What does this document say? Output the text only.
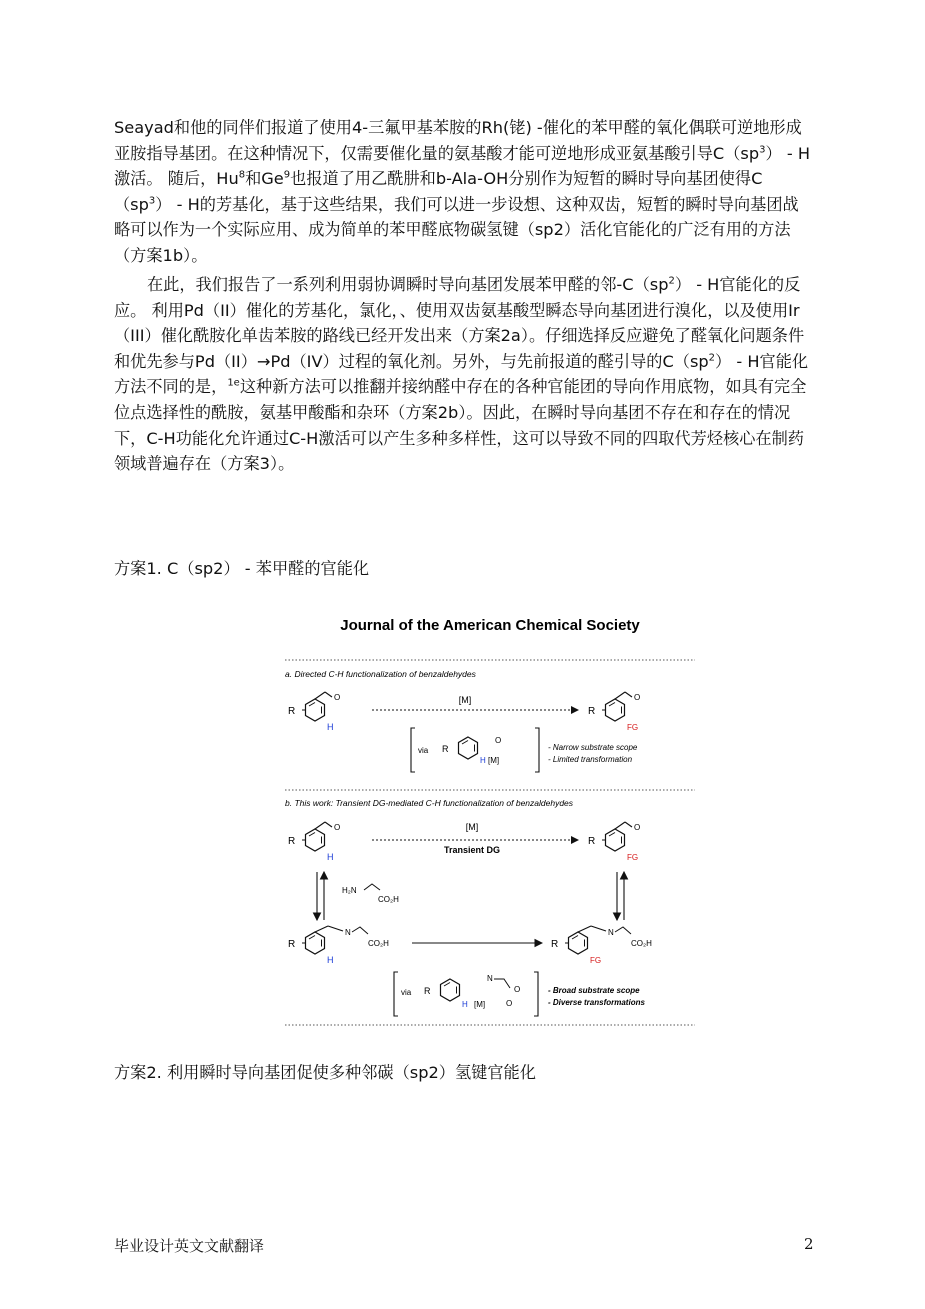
Seayad和他的同伴们报道了使用4-三氟甲基苯胺的Rh(铑) -催化的苯甲醛的氧化偶联可逆地形成亚胺指导基团。在这种情况下，仅需要催化量的氨基酸才能可逆地形成亚氨基酸引导$C(sp^3)$ - H激活。 随后，Hu$^8$和Ge$^9$也报道了用乙酰肼和b-Ala-OH分别作为短暂的瞬时导向基团使得$C(sp^3)$ - H的芳基化，基于这些结果，我们可以进一步设想、这种双齿，短暂的瞬时导向基团战略可以作为一个实际应用、成为简单的苯甲醛底物碳氢键（sp2）活化官能化的广泛有用的方法（方案1b）。

在此，我们报告了一系列利用弱协调瞬时导向基团发展苯甲醛的邻$-C(sp^2)$ - H官能化的反应。 利用Pd（II）催化的芳基化，氯化，、使用双齿氨基酸型瞬态导向基团进行溴化，以及使用Ir（III）催化酰胺化单齿苯胺的路线已经开发出来（方案2a）。仔细选择反应避免了醛氧化问题条件和优先参与Pd（II）→Pd（IV）过程的氧化剂。另外，与先前报道的醛引导的$C(sp^2)$ - H官能化方法不同的是，$^{1e}$这种新方法可以推翻并接纳醛中存在的各种官能团的导向作用底物，如具有完全位点选择性的酰胺，氨基甲酸酯和杂环（方案2b）。因此，在瞬时导向基团不存在和存在的情况下，C-H功能化允许通过C-H激活可以产生多种多样性，这可以导致不同的四取代芳烃核心在制药领域普遍存在（方案3）。

方案1. C（sp2） - 苯甲醛的官能化
Journal of the American Chemical Society
a. Directed C-H functionalization of benzaldehydes
O
R
H
[M]	O
R
FG
via R
H
O
[M]
- Narrow substrate scope
- Limited transformation
b. This work: Transient DG-mediated C-H functionalization of benzaldehydes
O
R
H
[M]
Transient DG
O
R
FG
H₂N
CO₂H
N
CO₂H
R
H
N
CO₂H
R
FG
via R
H [M]
N
O
O
- Broad substrate scope
- Diverse transformations
方案2. 利用瞬时导向基团促使多种邻碳（sp2）氢键官能化
毕业设计英文文献翻译	2
